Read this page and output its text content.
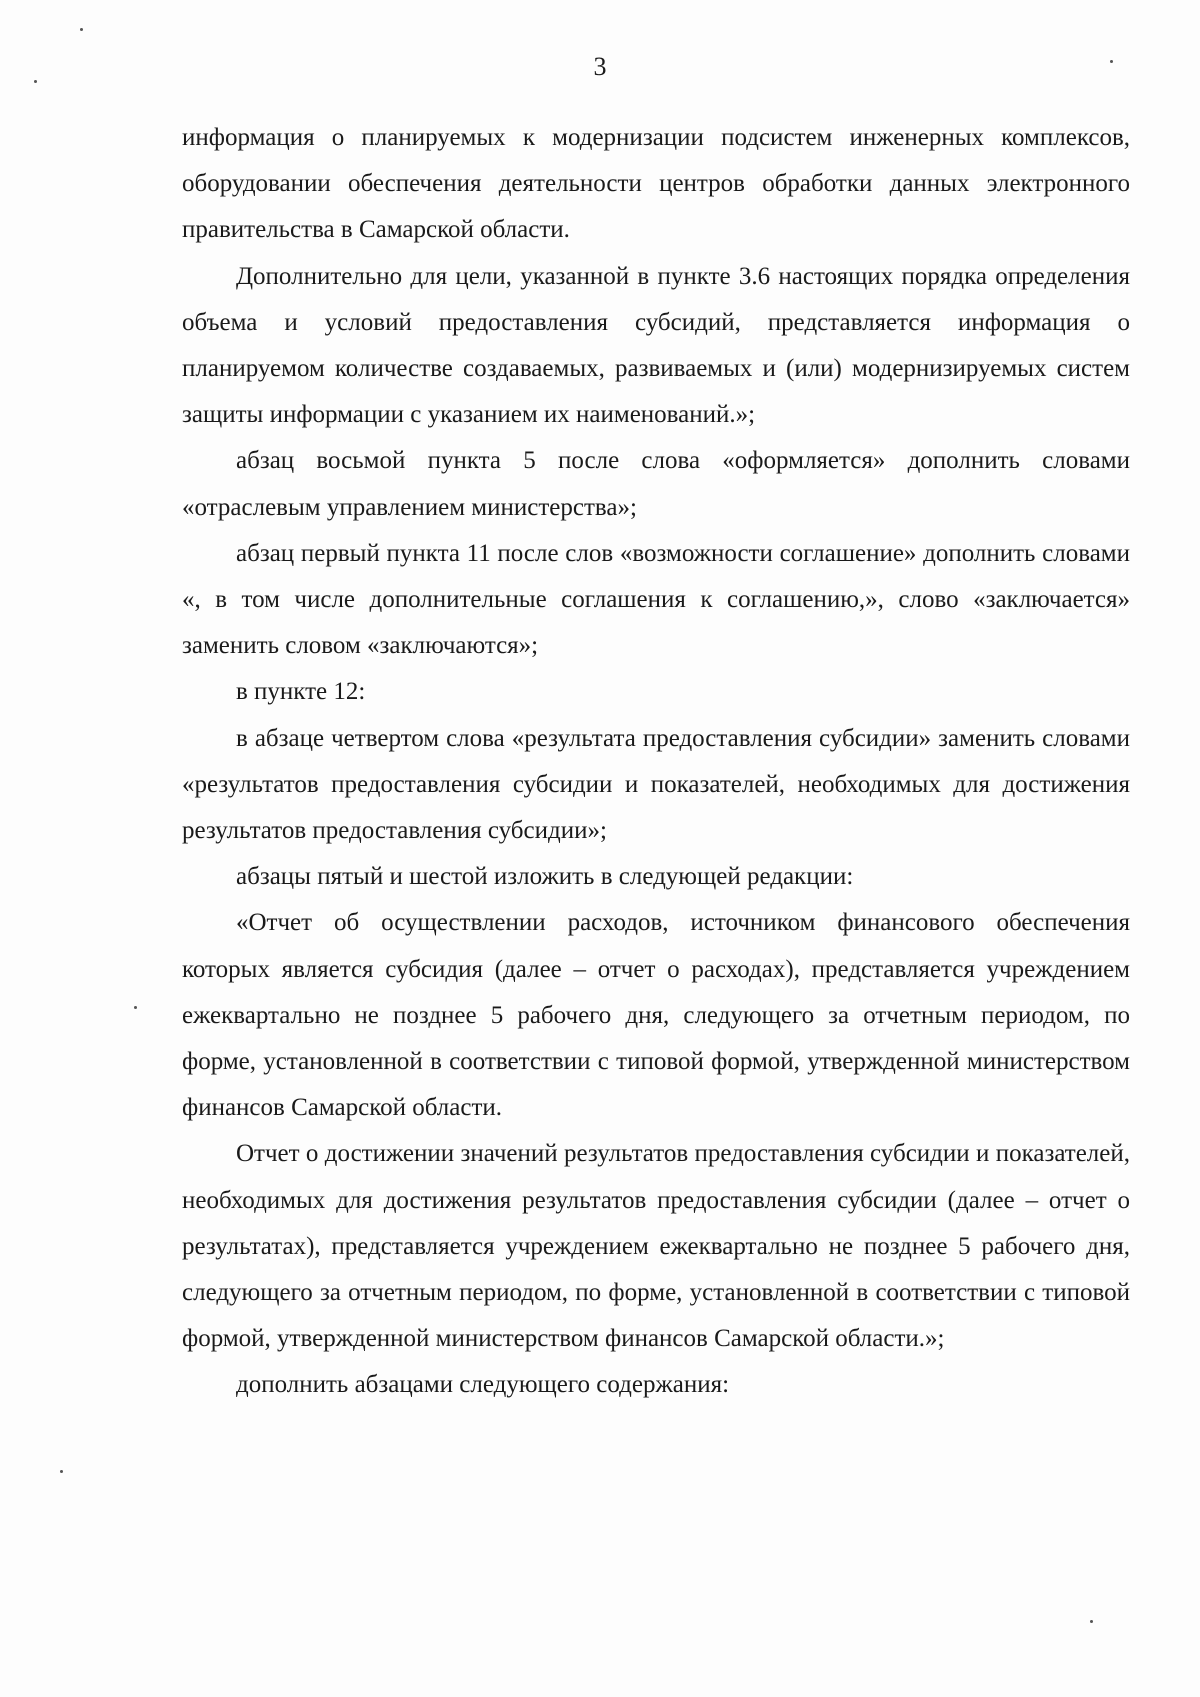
3

информация о планируемых к модернизации подсистем инженерных комплексов, оборудовании обеспечения деятельности центров обработки данных электронного правительства в Самарской области.

Дополнительно для цели, указанной в пункте 3.6 настоящих порядка определения объема и условий предоставления субсидий, представляется информация о планируемом количестве создаваемых, развиваемых и (или) модернизируемых систем защиты информации с указанием их наименований.»;

абзац восьмой пункта 5 после слова «оформляется» дополнить словами «отраслевым управлением министерства»;

абзац первый пункта 11 после слов «возможности соглашение» дополнить словами «, в том числе дополнительные соглашения к соглашению,», слово «заключается» заменить словом «заключаются»;

в пункте 12:

в абзаце четвертом слова «результата предоставления субсидии» заменить словами «результатов предоставления субсидии и показателей, необходимых для достижения результатов предоставления субсидии»;

абзацы пятый и шестой изложить в следующей редакции:

«Отчет об осуществлении расходов, источником финансового обеспечения которых является субсидия (далее – отчет о расходах), представляется учреждением ежеквартально не позднее 5 рабочего дня, следующего за отчетным периодом, по форме, установленной в соответствии с типовой формой, утвержденной министерством финансов Самарской области.

Отчет о достижении значений результатов предоставления субсидии и показателей, необходимых для достижения результатов предоставления субсидии (далее – отчет о результатах), представляется учреждением ежеквартально не позднее 5 рабочего дня, следующего за отчетным периодом, по форме, установленной в соответствии с типовой формой, утвержденной министерством финансов Самарской области.»;

дополнить абзацами следующего содержания:
